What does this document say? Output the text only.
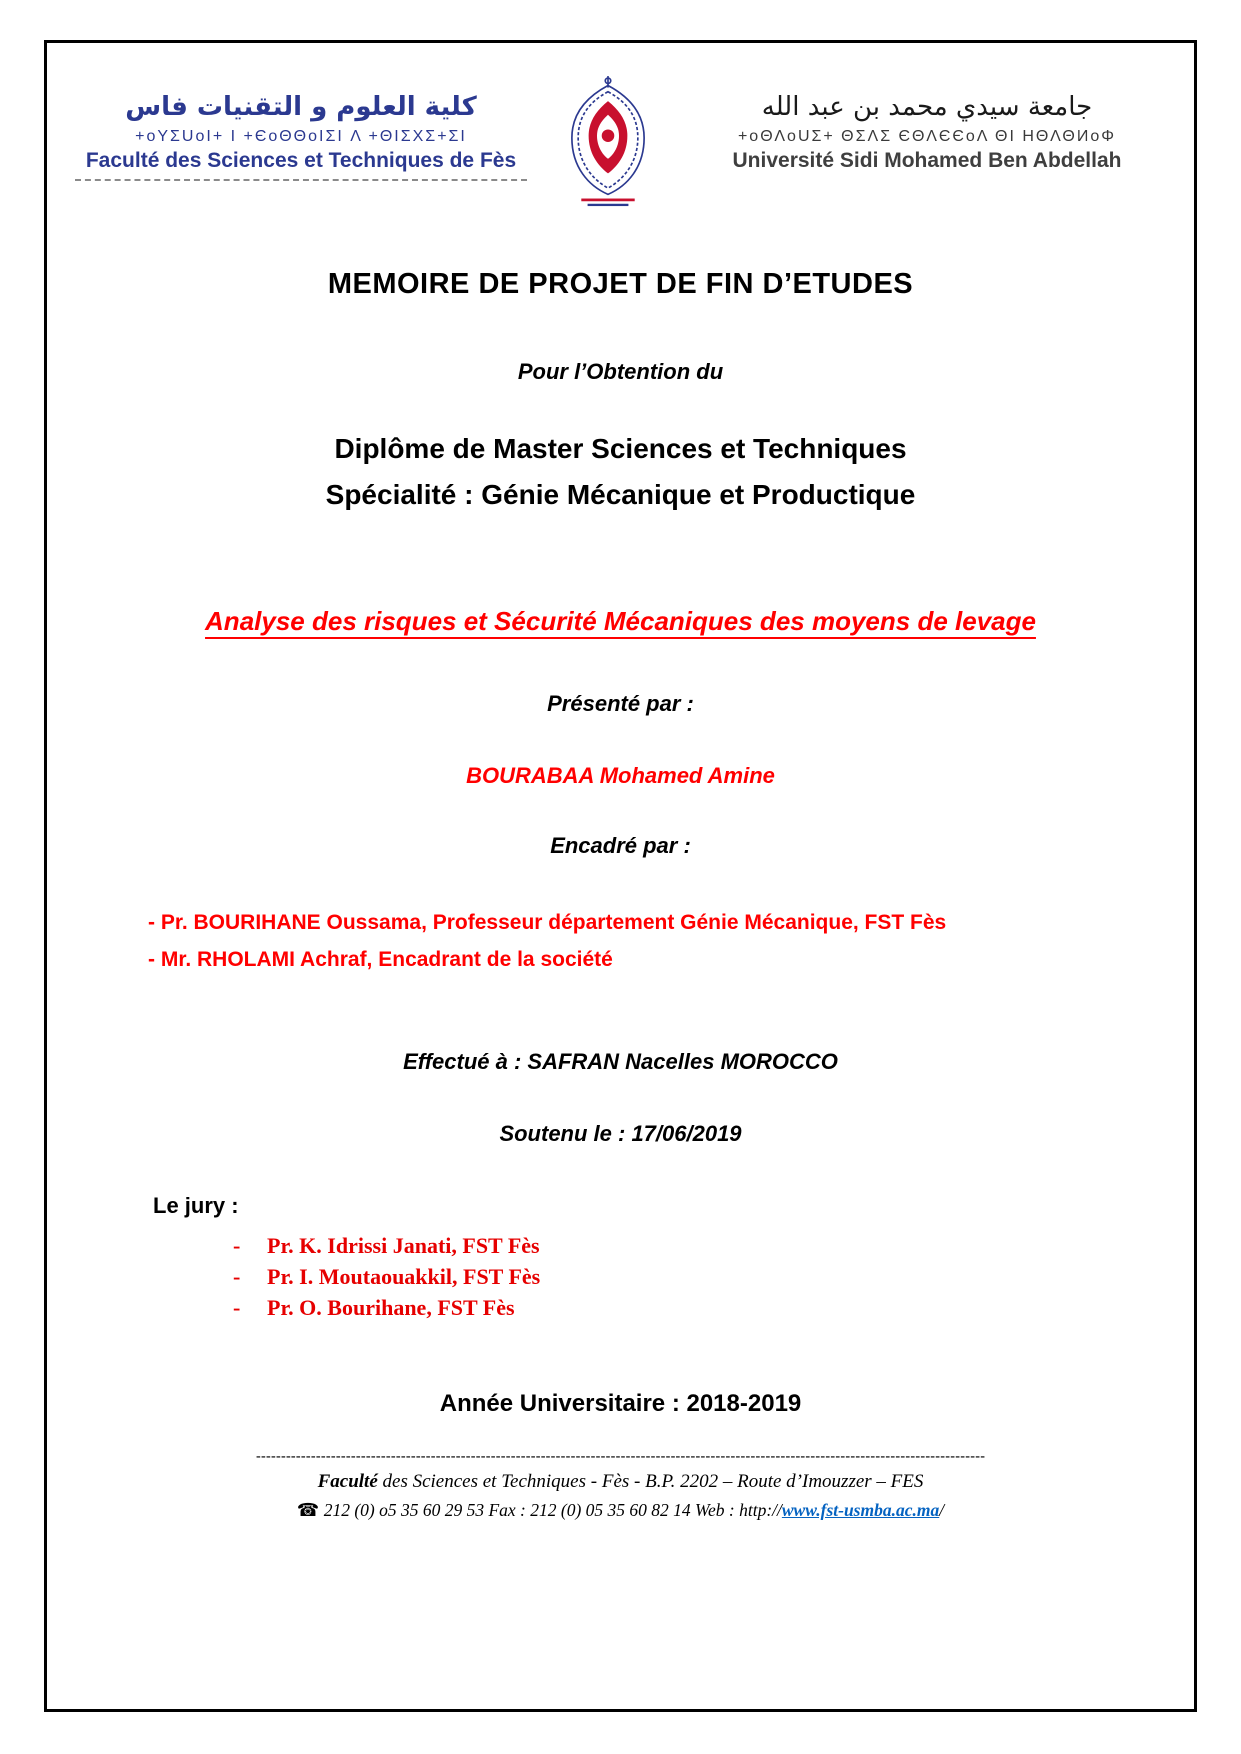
كلية العلوم و التقنيات فاس
+oYΣUoI+ I +ЄoΘΘoIΣI Λ +ΘIΣΧΣ+ΣI
Faculté des Sciences et Techniques de Fès
جامعة سيدي محمد بن عبد الله
+oΘΛoUΣ+ ΘΣΛΣ ЄΘΛЄЄoΛ ΘI ΗΘΛΘИoΦ
Université Sidi Mohamed Ben Abdellah
MEMOIRE DE PROJET DE FIN D’ETUDES

Pour l’Obtention du

Diplôme de Master Sciences et Techniques
Spécialité : Génie Mécanique et Productique

Analyse des risques et Sécurité Mécaniques des moyens de levage

Présenté par :

BOURABAA Mohamed Amine

Encadré par :

- Pr. BOURIHANE Oussama, Professeur département Génie Mécanique, FST Fès
- Mr. RHOLAMI Achraf, Encadrant de la société

Effectué à : SAFRAN Nacelles MOROCCO

Soutenu le : 17/06/2019

Le jury :

-	Pr. K. Idrissi Janati, FST Fès
-	Pr. I. Moutaouakkil, FST Fès
-	Pr. O. Bourihane, FST Fès

Année Universitaire : 2018-2019

--------------------------------------------------------------------------------------------------------------------------------------------------

Faculté des Sciences et Techniques - Fès - B.P. 2202 – Route d’Imouzzer – FES

☎ 212 (0) o5 35 60 29 53 Fax : 212 (0) 05 35 60 82 14 Web : http://www.fst-usmba.ac.ma/
